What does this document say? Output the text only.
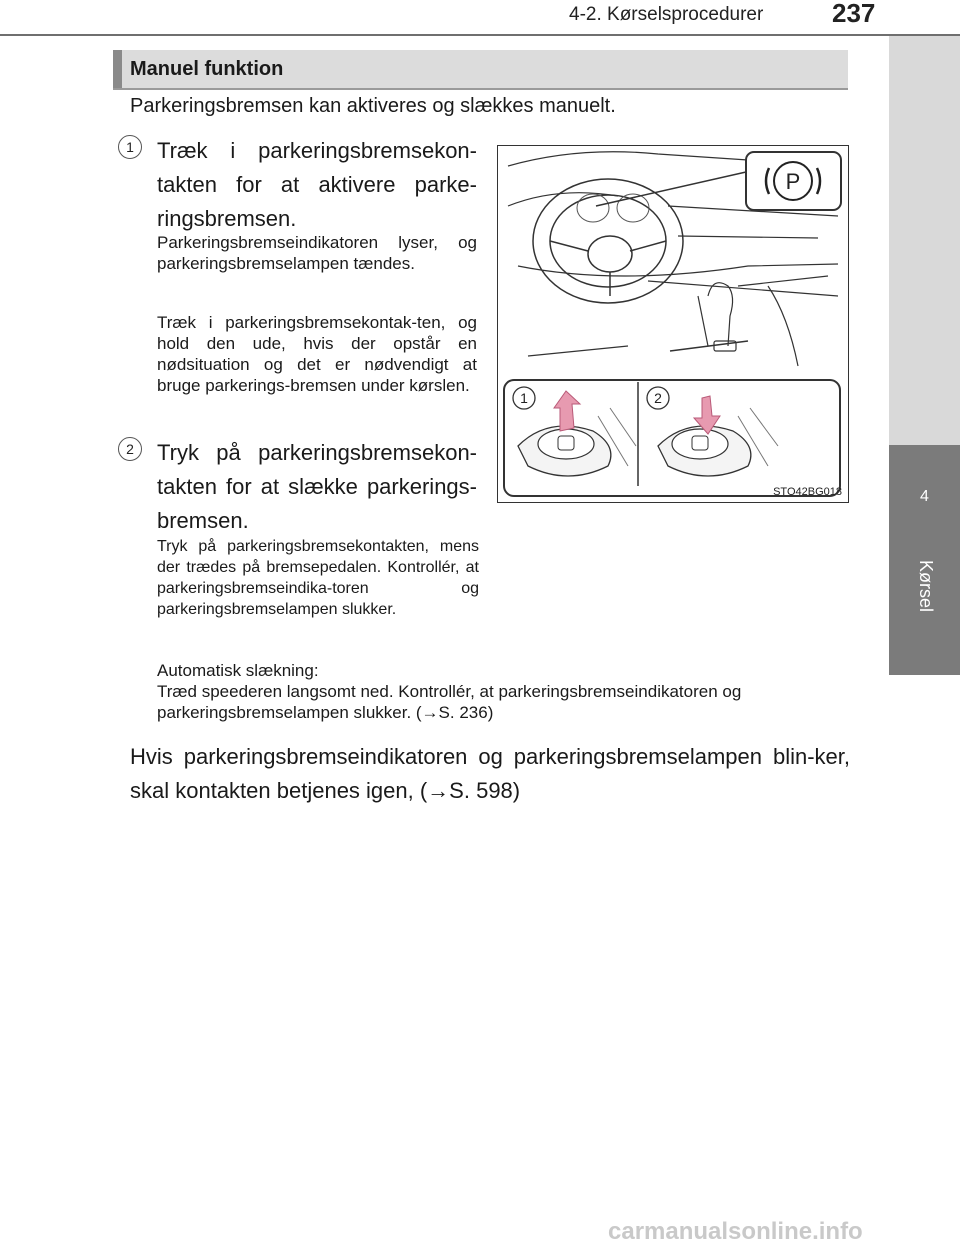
4-2. Kørselsprocedurer	237
4
Kørsel
Manuel funktion
Parkeringsbremsen kan aktiveres og slækkes manuelt.
1	Træk i parkeringsbremsekon-takten for at aktivere parke-ringsbremsen.
Parkeringsbremseindikatoren lyser, og parkeringsbremselampen tændes.
Træk i parkeringsbremsekontak-ten, og hold den ude, hvis der opstår en nødsituation og det er nødvendigt at bruge parkerings-bremsen under kørslen.
2	Tryk på parkeringsbremsekon-takten for at slække parkerings-bremsen.
Tryk på parkeringsbremsekontakten, mens der trædes på bremsepedalen. Kontrollér, at parkeringsbremseindika-toren og parkeringsbremselampen slukker.
Automatisk slækning:
Træd speederen langsomt ned. Kontrollér, at parkeringsbremseindikatoren og parkeringsbremselampen slukker. (→S. 236)
Hvis parkeringsbremseindikatoren og parkeringsbremselampen blin-ker, skal kontakten betjenes igen, (→S. 598)
P
1	2
STO42BG018
carmanualsonline.info
